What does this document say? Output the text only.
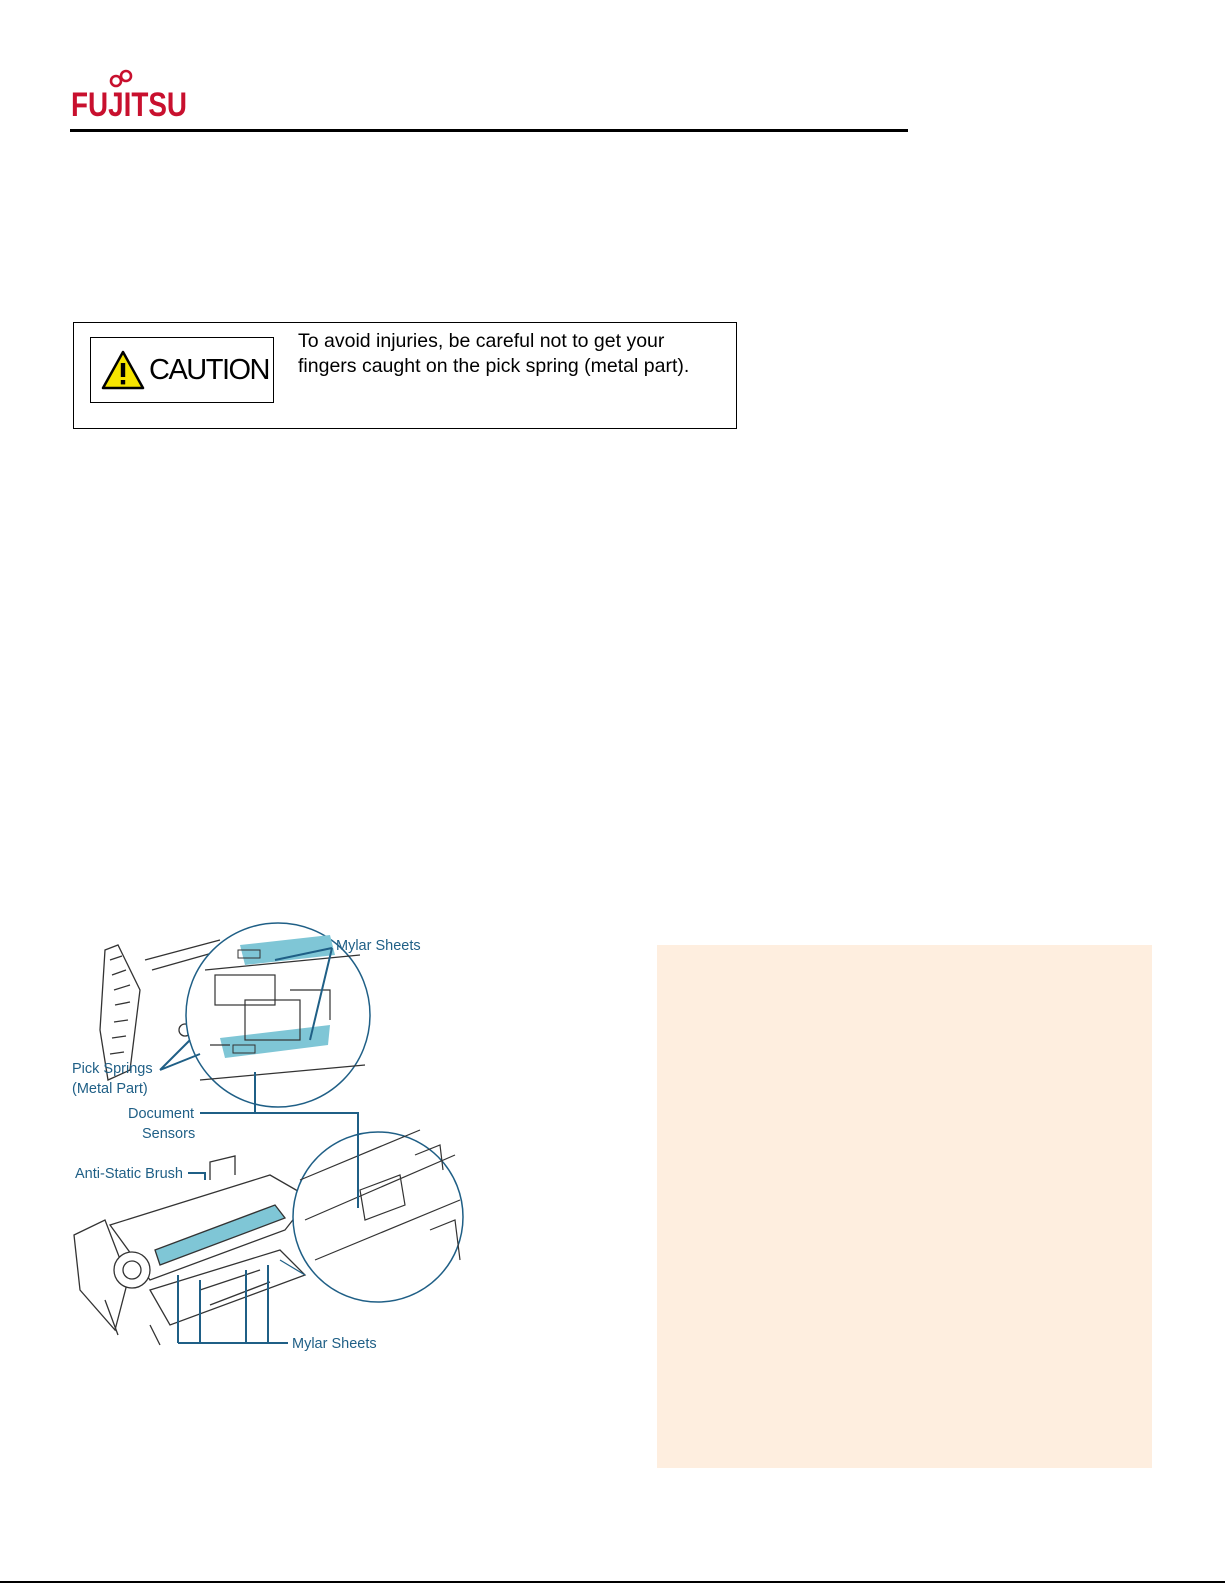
FUJITSU
CAUTION
To avoid injuries, be careful not to get your fingers caught on the pick spring (metal part).
Mylar Sheets
Pick Springs
(Metal Part)
Document
Sensors
Anti-Static Brush
Mylar Sheets
